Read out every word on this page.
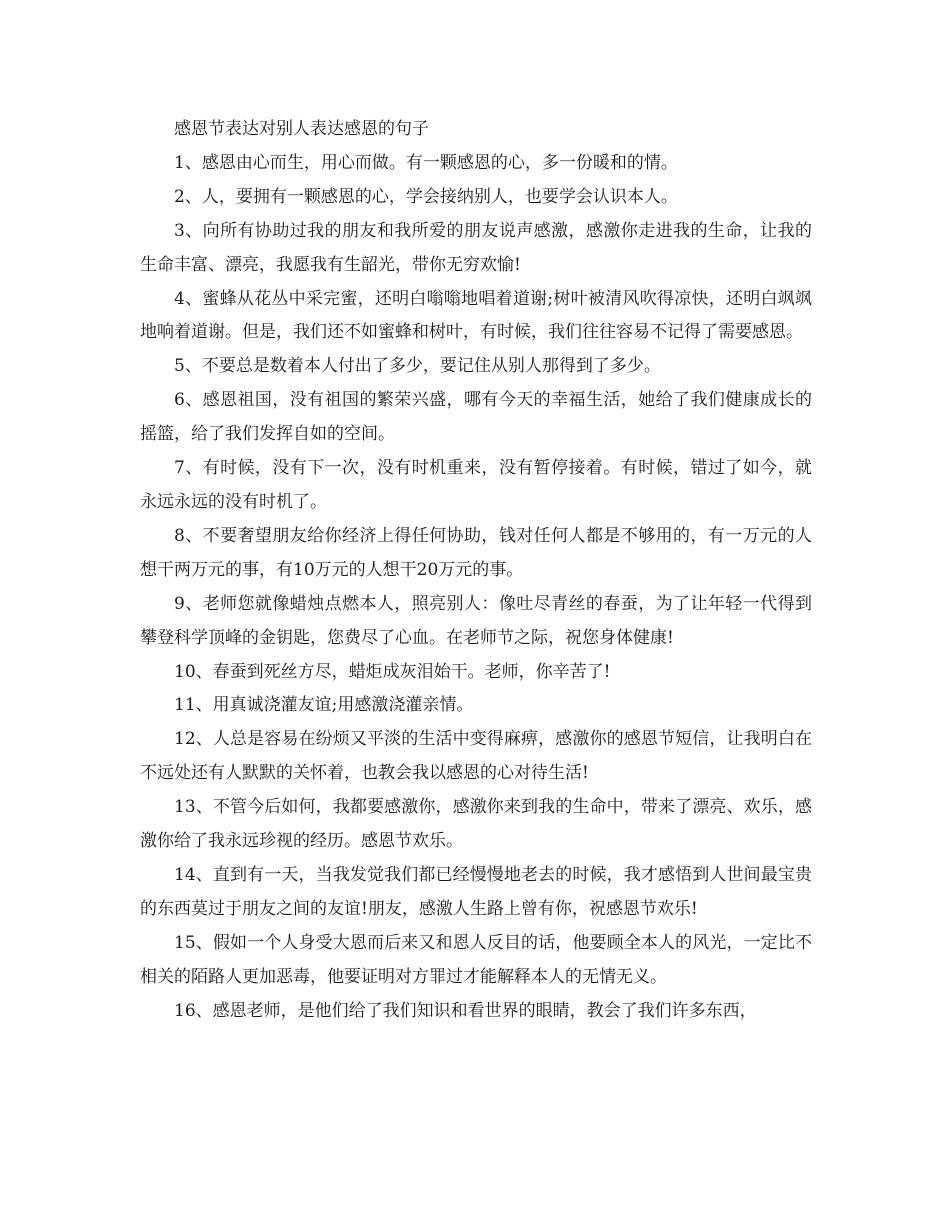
感恩节表达对别人表达感恩的句子

1、感恩由心而生，用心而做。有一颗感恩的心，多一份暖和的情。

2、人，要拥有一颗感恩的心，学会接纳别人，也要学会认识本人。

3、向所有协助过我的朋友和我所爱的朋友说声感激，感激你走进我的生命，让我的生命丰富、漂亮，我愿我有生韶光，带你无穷欢愉!

4、蜜蜂从花丛中采完蜜，还明白嗡嗡地唱着道谢;树叶被清风吹得凉快，还明白飒飒地响着道谢。但是，我们还不如蜜蜂和树叶，有时候，我们往往容易不记得了需要感恩。

5、不要总是数着本人付出了多少，要记住从别人那得到了多少。

6、感恩祖国，没有祖国的繁荣兴盛，哪有今天的幸福生活，她给了我们健康成长的摇篮，给了我们发挥自如的空间。

7、有时候，没有下一次，没有时机重来，没有暂停接着。有时候，错过了如今，就永远永远的没有时机了。

8、不要奢望朋友给你经济上得任何协助，钱对任何人都是不够用的，有一万元的人想干两万元的事，有10万元的人想干20万元的事。

9、老师您就像蜡烛点燃本人，照亮别人：像吐尽青丝的春蚕，为了让年轻一代得到攀登科学顶峰的金钥匙，您费尽了心血。在老师节之际，祝您身体健康!

10、春蚕到死丝方尽，蜡炬成灰泪始干。老师，你辛苦了!

11、用真诚浇灌友谊;用感激浇灌亲情。

12、人总是容易在纷烦又平淡的生活中变得麻痹，感激你的感恩节短信，让我明白在不远处还有人默默的关怀着，也教会我以感恩的心对待生活!

13、不管今后如何，我都要感激你，感激你来到我的生命中，带来了漂亮、欢乐，感激你给了我永远珍视的经历。感恩节欢乐。

14、直到有一天，当我发觉我们都已经慢慢地老去的时候，我才感悟到人世间最宝贵的东西莫过于朋友之间的友谊!朋友，感激人生路上曾有你，祝感恩节欢乐!

15、假如一个人身受大恩而后来又和恩人反目的话，他要顾全本人的风光，一定比不相关的陌路人更加恶毒，他要证明对方罪过才能解释本人的无情无义。

16、感恩老师，是他们给了我们知识和看世界的眼睛，教会了我们许多东西，
